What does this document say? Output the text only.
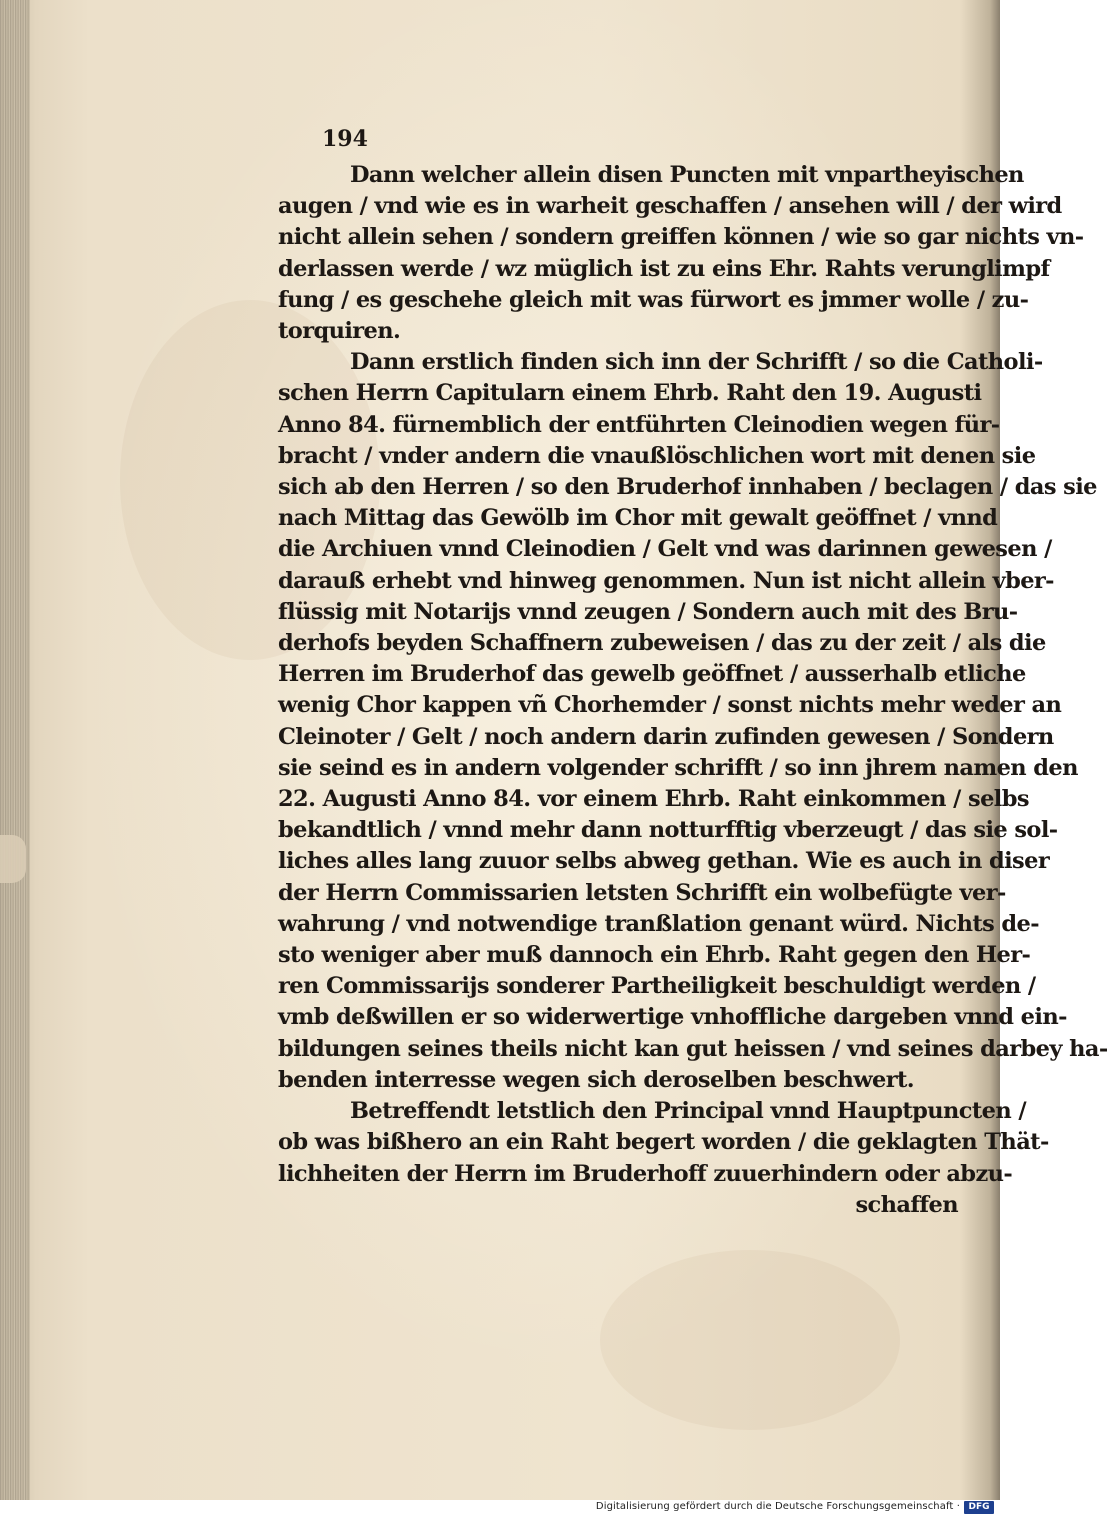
194
Dann welcher allein disen Puncten mit vnpartheyischen
augen / vnd wie es in warheit geschaffen / ansehen will / der wird
nicht allein sehen / sondern greiffen können / wie so gar nichts vn-
derlassen werde / wz müglich ist zu eins Ehr. Rahts verunglimpf
fung / es geschehe gleich mit was fürwort es jmmer wolle / zu-
torquiren.
Dann erstlich finden sich inn der Schrifft / so die Catholi-
schen Herrn Capitularn einem Ehrb. Raht den 19. Augusti
Anno 84. fürnemblich der entführten Cleinodien wegen für-
bracht / vnder andern die vnaußlöschlichen wort mit denen sie
sich ab den Herren / so den Bruderhof innhaben / beclagen / das sie
nach Mittag das Gewölb im Chor mit gewalt geöffnet / vnnd
die Archiuen vnnd Cleinodien / Gelt vnd was darinnen gewesen /
darauß erhebt vnd hinweg genommen. Nun ist nicht allein vber-
flüssig mit Notarijs vnnd zeugen / Sondern auch mit des Bru-
derhofs beyden Schaffnern zubeweisen / das zu der zeit / als die
Herren im Bruderhof das gewelb geöffnet / ausserhalb etliche
wenig Chor kappen vñ Chorhemder / sonst nichts mehr weder an
Cleinoter / Gelt / noch andern darin zufinden gewesen / Sondern
sie seind es in andern volgender schrifft / so inn jhrem namen den
22. Augusti Anno 84. vor einem Ehrb. Raht einkommen / selbs
bekandtlich / vnnd mehr dann notturfftig vberzeugt / das sie sol-
liches alles lang zuuor selbs abweg gethan. Wie es auch in diser
der Herrn Commissarien letsten Schrifft ein wolbefügte ver-
wahrung / vnd notwendige tranßlation genant würd. Nichts de-
sto weniger aber muß dannoch ein Ehrb. Raht gegen den Her-
ren Commissarijs sonderer Partheiligkeit beschuldigt werden /
vmb deßwillen er so widerwertige vnhoffliche dargeben vnnd ein-
bildungen seines theils nicht kan gut heissen / vnd seines darbey ha-
benden interresse wegen sich deroselben beschwert.
Betreffendt letstlich den Principal vnnd Hauptpuncten /
ob was bißhero an ein Raht begert worden / die geklagten Thät-
lichheiten der Herrn im Bruderhoff zuuerhindern oder abzu-
schaffen
Digitalisierung gefördert durch die Deutsche Forschungsgemeinschaft · DFG
